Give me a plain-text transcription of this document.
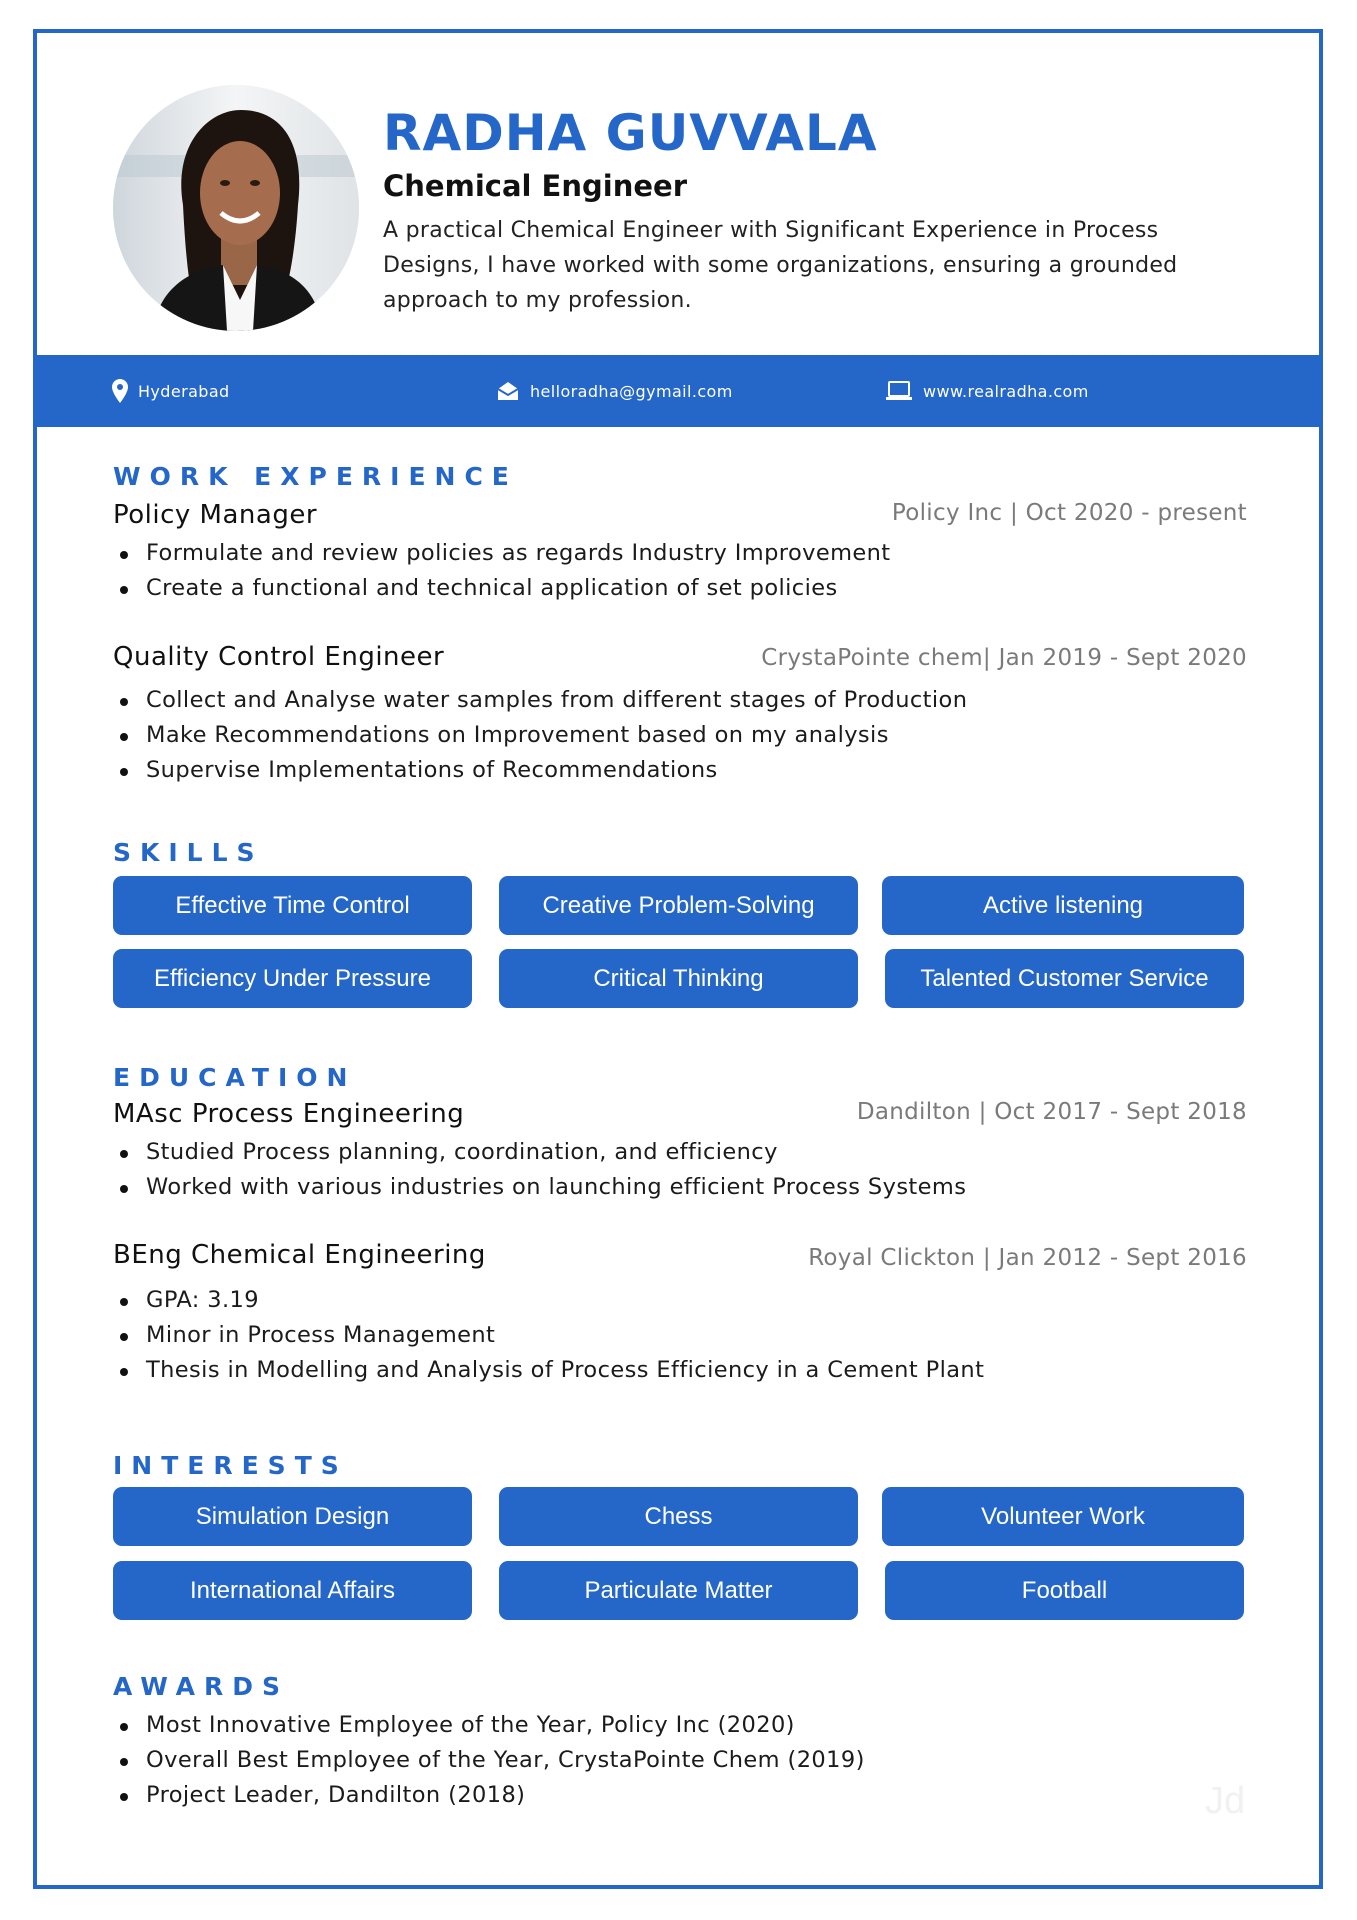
RADHA GUVVALA
Chemical Engineer
A practical Chemical Engineer with Significant Experience in Process Designs, I have worked with some organizations, ensuring a grounded approach to my profession.
Hyderabad	helloradha@gymail.com	www.realradha.com
WORK EXPERIENCE
Policy Manager	Policy Inc | Oct 2020 - present
Formulate and review policies as regards Industry Improvement
Create a functional and technical application of set policies
Quality Control Engineer	CrystaPointe chem| Jan 2019 - Sept 2020
Collect and Analyse water samples from different stages of Production
Make Recommendations on Improvement based on my analysis
Supervise Implementations of Recommendations
SKILLS
Effective Time Control	Creative Problem-Solving	Active listening
Efficiency Under Pressure	Critical Thinking	Talented Customer Service
EDUCATION
MAsc Process Engineering	Dandilton | Oct 2017 - Sept 2018
Studied Process planning, coordination, and efficiency
Worked with various industries on launching efficient Process Systems
BEng Chemical Engineering	Royal Clickton | Jan 2012 - Sept 2016
GPA: 3.19
Minor in Process Management
Thesis in Modelling and Analysis of Process Efficiency in a Cement Plant
INTERESTS
Simulation Design	Chess	Volunteer Work
International Affairs	Particulate Matter	Football
AWARDS
Most Innovative Employee of the Year, Policy Inc (2020)
Overall Best Employee of the Year, CrystaPointe Chem (2019)
Project Leader, Dandilton (2018)	Jd
